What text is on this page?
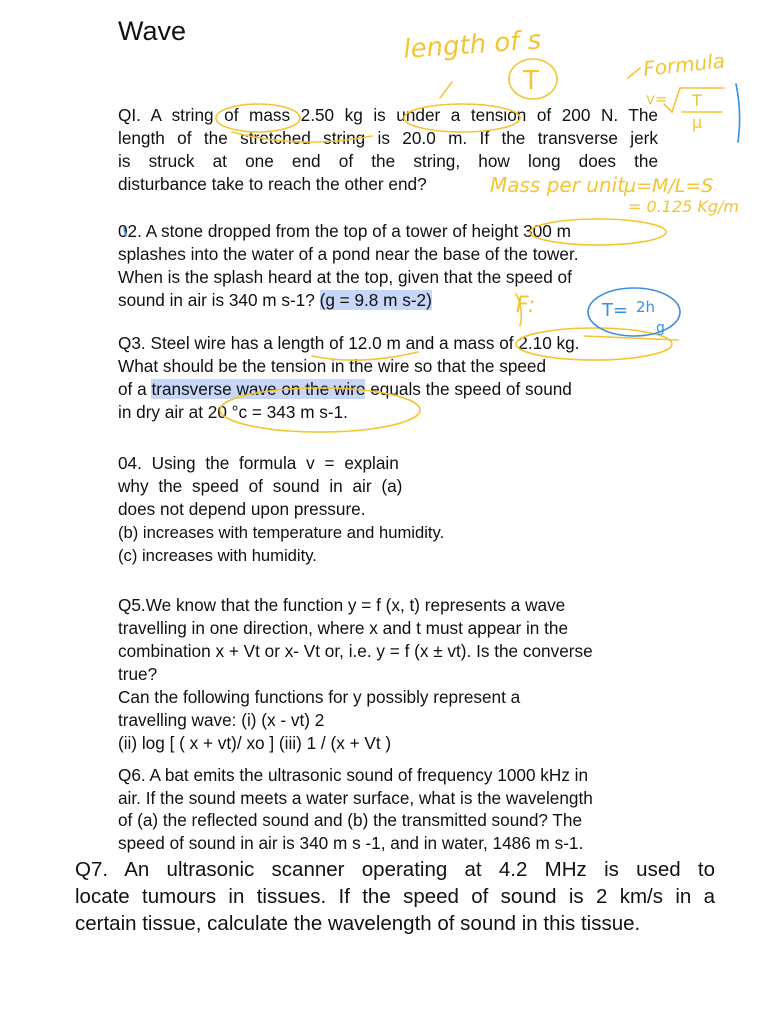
Wave
QI. A string of mass 2.50 kg is under a tension of 200 N. The
length of the stretched string is 20.0 m. If the transverse jerk
is struck at one end of the string, how long does the
disturbance take to reach the other end?
02. A stone dropped from the top of a tower of height 300 m
splashes into the water of a pond near the base of the tower.
When is the splash heard at the top, given that the speed of
sound in air is 340 m s-1? (g = 9.8 m s-2)
Q3. Steel wire has a length of 12.0 m and a mass of 2.10 kg.
What should be the tension in the wire so that the speed
of a transverse wave on the wire equals the speed of sound
in dry air at 20 °c = 343 m s-1.
04. Using the formula v = explain
why the speed of sound in air (a)
does not depend upon pressure.
(b) increases with temperature and humidity.
(c) increases with humidity.
Q5.We know that the function y = f (x, t) represents a wave
travelling in one direction, where x and t must appear in the
combination x + Vt or x- Vt or, i.e. y = f (x ± vt). Is the converse
true?
Can the following functions for y possibly represent a
travelling wave: (i) (x - vt) 2
(ii) log [ ( x + vt)/ xo ] (iii) 1 / (x + Vt )
Q6. A bat emits the ultrasonic sound of frequency 1000 kHz in
air. If the sound meets a water surface, what is the wavelength
of (a) the reflected sound and (b) the transmitted sound? The
speed of sound in air is 340 m s -1, and in water, 1486 m s-1.
Q7. An ultrasonic scanner operating at 4.2 MHz is used to
locate tumours in tissues. If the speed of sound is 2 km/s in a
certain tissue, calculate the wavelength of sound in this tissue.
length of s
T
Formula
v= T
µ
Mass per unit
µ=M/L=S
= 0.125 Kg/m
F:	T= 2h
g
